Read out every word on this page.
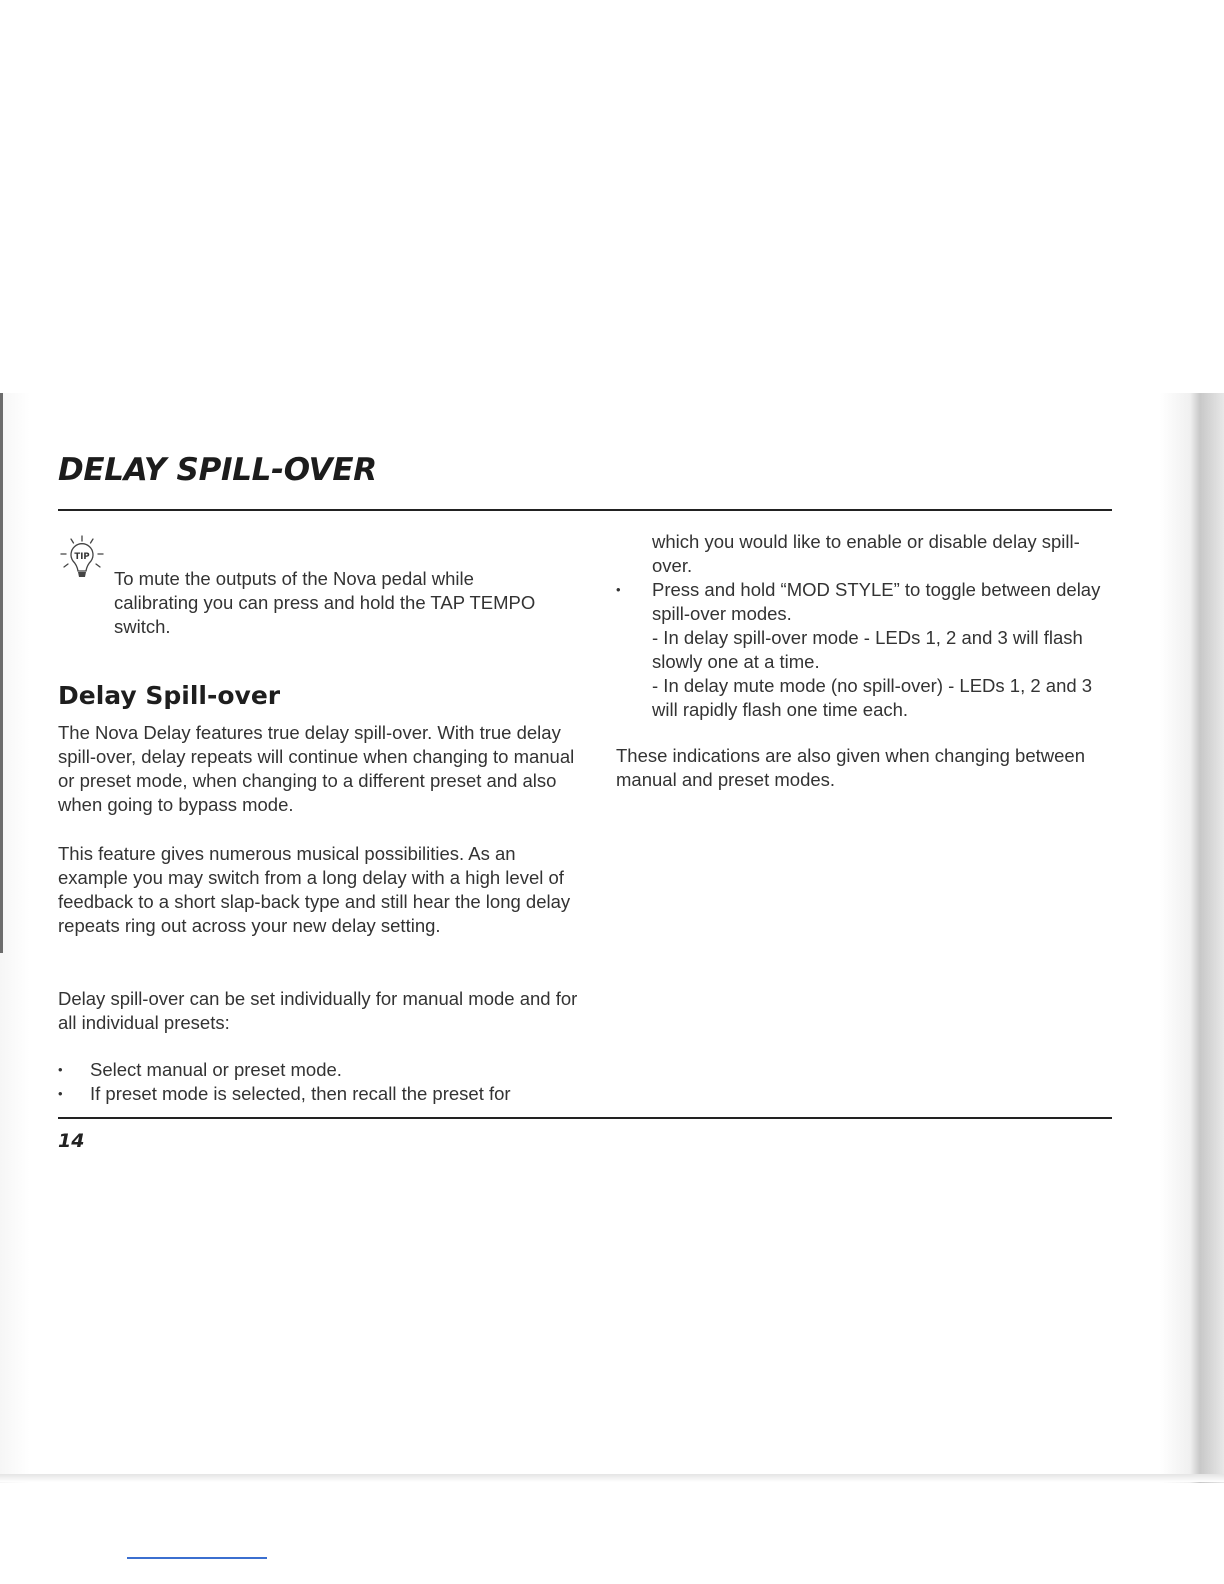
DELAY SPILL-OVER
TIP

To mute the outputs of the Nova pedal while calibrating you can press and hold the TAP TEMPO switch.

Delay Spill-over

The Nova Delay features true delay spill-over. With true delay spill-over, delay repeats will continue when changing to manual or preset mode, when changing to a different preset and also when going to bypass mode.

This feature gives numerous musical possibilities. As an example you may switch from a long delay with a high level of feedback to a short slap-back type and still hear the long delay repeats ring out across your new delay setting.

Delay spill-over can be set individually for manual mode and for all individual presets:

• Select manual or preset mode.
• If preset mode is selected, then recall the preset for

which you would like to enable or disable delay spill-over.

• Press and hold “MOD STYLE” to toggle between delay spill-over modes.

- In delay spill-over mode - LEDs 1, 2 and 3 will flash slowly one at a time.

- In delay mute mode (no spill-over) - LEDs 1, 2 and 3 will rapidly flash one time each.

These indications are also given when changing between manual and preset modes.

14
